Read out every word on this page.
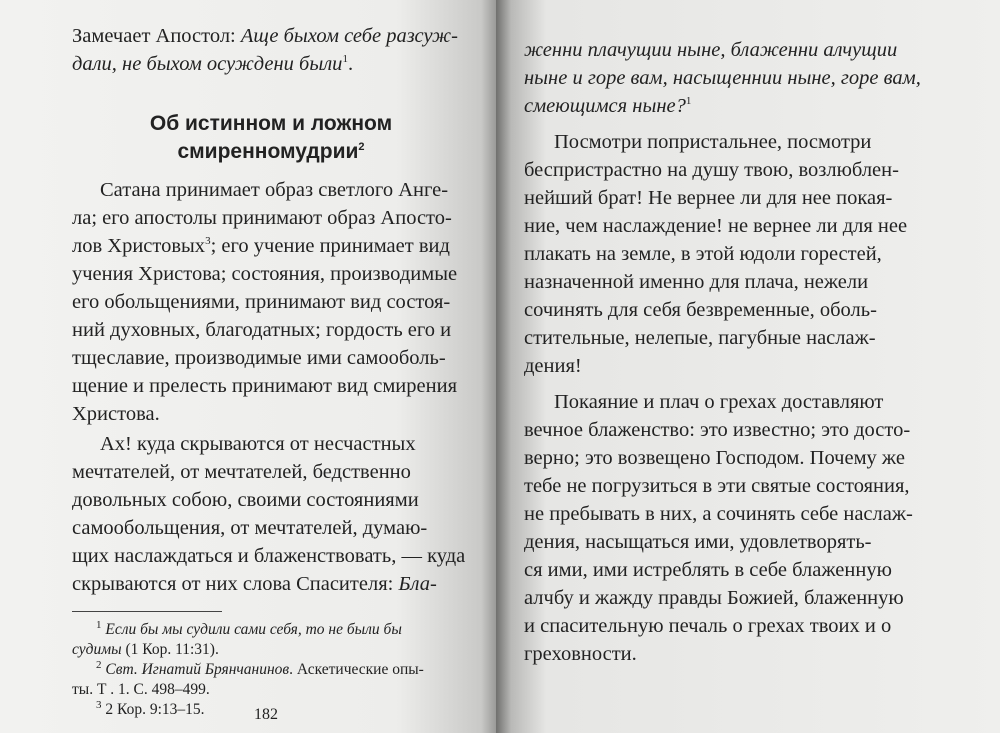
Замечает Апостол: Аще быхом себе разсуж-
дали, не быхом осуждени были$^1$.
Об истинном и ложном
смиренномудрии$^2$
Сатана принимает образ светлого Анге-
ла; его апостолы принимают образ Апосто-
лов Христовых$^3$; его учение принимает вид
учения Христова; состояния, производимые
его обольщениями, принимают вид состоя-
ний духовных, благодатных; гордость его и
тщеславие, производимые ими самооболь-
щение и прелесть принимают вид смирения
Христова.
Ах! куда скрываются от несчастных
мечтателей, от мечтателей, бедственно
довольных собою, своими состояниями
самообольщения, от мечтателей, думаю-
щих наслаждаться и блаженствовать, — куда
скрываются от них слова Спасителя: Бла-
$^1$ Если бы мы судили сами себя, то не были бы
судимы (1 Кор. 11:31).
$^2$ Свт. Игнатий Брянчанинов. Аскетические опы-
ты. Т . 1. С. 498–499.
$^3$ 2 Кор. 9:13–15.	182
женни плачущии ныне, блаженни алчущии
ныне и горе вам, насыщеннии ныне, горе вам,
смеющимся ныне?$^1$
Посмотри попристальнее, посмотри
беспристрастно на душу твою, возлюблен-
нейший брат! Не вернее ли для нее покая-
ние, чем наслаждение! не вернее ли для нее
плакать на земле, в этой юдоли горестей,
назначенной именно для плача, нежели
сочинять для себя безвременные, оболь-
стительные, нелепые, пагубные наслаж-
дения!
Покаяние и плач о грехах доставляют
вечное блаженство: это известно; это досто-
верно; это возвещено Господом. Почему же
тебе не погрузиться в эти святые состояния,
не пребывать в них, а сочинять себе наслаж-
дения, насыщаться ими, удовлетворять-
ся ими, ими истреблять в себе блаженную
алчбу и жажду правды Божией, блаженную
и спасительную печаль о грехах твоих и о
греховности.
